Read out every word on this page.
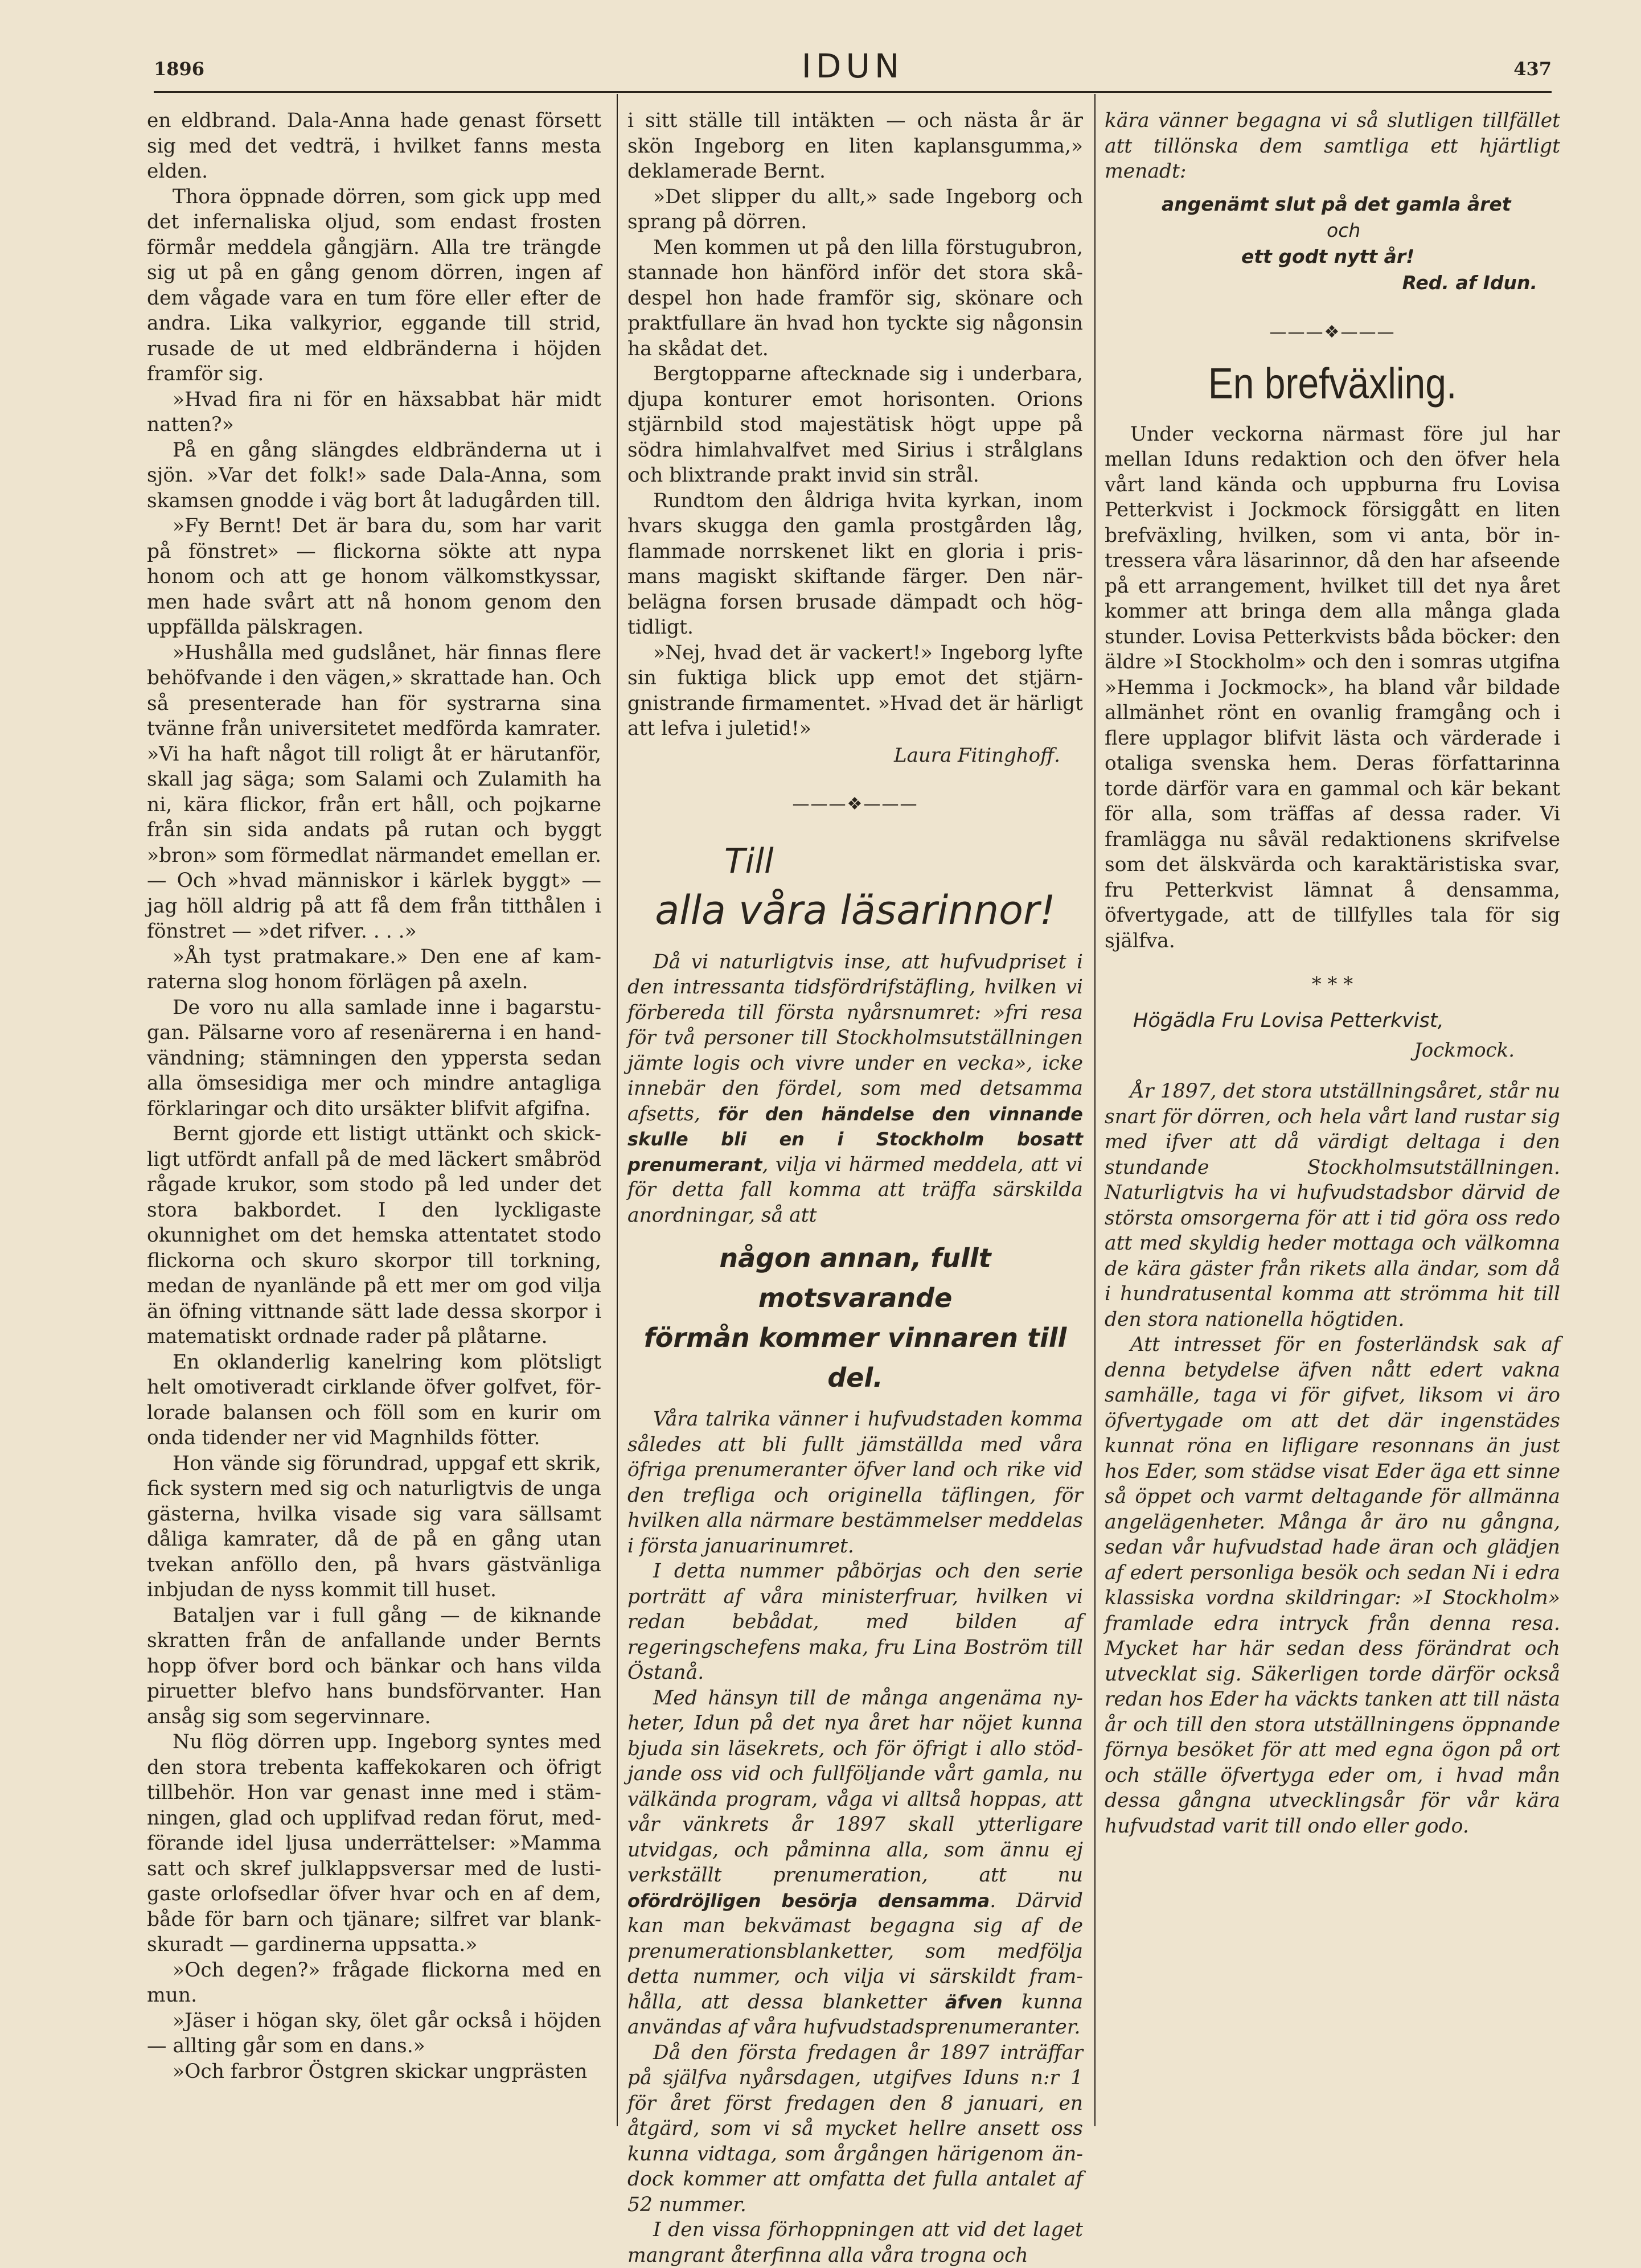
1896	IDUN	437

en eldbrand. Dala-Anna hade genast försett sig med det vedträ, i hvilket fanns mesta elden.

Thora öppnade dörren, som gick upp med det infernaliska oljud, som endast frosten förmår meddela gångjärn. Alla tre trängde sig ut på en gång genom dörren, ingen af dem vågade vara en tum före eller efter de andra. Lika valkyrior, eggande till strid, rusade de ut med eldbränderna i höjden framför sig.

»Hvad fira ni för en häxsabbat här midt natten?»

På en gång slängdes eldbränderna ut i sjön. »Var det folk!» sade Dala-Anna, som skamsen gnodde i väg bort åt ladugården till.

»Fy Bernt! Det är bara du, som har varit på fönstret» — flickorna sökte att nypa honom och att ge honom välkomstkyssar, men hade svårt att nå honom genom den uppfällda pälskragen.

»Hushålla med gudslånet, här finnas flere behöfvande i den vägen,» skrattade han. Och så presenterade han för systrarna sina tvänne från universitetet medförda kamrater. »Vi ha haft något till roligt åt er härutanför, skall jag säga; som Salami och Zulamith ha ni, kära flickor, från ert håll, och pojkarne från sin sida andats på rutan och byggt »bron» som förmedlat närmandet emellan er. — Och »hvad människor i kärlek byggt» — jag höll aldrig på att få dem från titthålen i fönstret — »det rifver. . . .»

»Åh tyst pratmakare.» Den ene af kamraterna slog honom förlägen på axeln.

De voro nu alla samlade inne i bagarstugan. Pälsarne voro af resenärerna i en handvändning; stämningen den yppersta sedan alla ömsesidiga mer och mindre antagliga förklaringar och dito ursäkter blifvit afgifna.

Bernt gjorde ett listigt uttänkt och skickligt utfördt anfall på de med läckert småbröd rågade krukor, som stodo på led under det stora bakbordet. I den lyckligaste okunnighet om det hemska attentatet stodo flickorna och skuro skorpor till torkning, medan de nyanlände på ett mer om god vilja än öfning vittnande sätt lade dessa skorpor i matematiskt ordnade rader på plåtarne.

En oklanderlig kanelring kom plötsligt helt omotiveradt cirklande öfver golfvet, förlorade balansen och föll som en kurir om onda tidender ner vid Magnhilds fötter.

Hon vände sig förundrad, uppgaf ett skrik, fick systern med sig och naturligtvis de unga gästerna, hvilka visade sig vara sällsamt dåliga kamrater, då de på en gång utan tvekan anföllo den, på hvars gästvänliga inbjudan de nyss kommit till huset.

Bataljen var i full gång — de kiknande skratten från de anfallande under Bernts hopp öfver bord och bänkar och hans vilda piruetter blefvo hans bundsförvanter. Han ansåg sig som segervinnare.

Nu flög dörren upp. Ingeborg syntes med den stora trebenta kaffekokaren och öfrigt tillbehör. Hon var genast inne med i stämningen, glad och upplifvad redan förut, medförande idel ljusa underrättelser: »Mamma satt och skref julklappsversar med de lustigaste orlofsedlar öfver hvar och en af dem, både för barn och tjänare; silfret var blankskuradt — gardinerna uppsatta.»

»Och degen?» frågade flickorna med en mun.

»Jäser i högan sky, ölet går också i höjden — allting går som en dans.»

»Och farbror Östgren skickar ungprästen

i sitt ställe till intäkten — och nästa år är skön Ingeborg en liten kaplansgumma,» deklamerade Bernt.

»Det slipper du allt,» sade Ingeborg och sprang på dörren.

Men kommen ut på den lilla förstugubron, stannade hon hänförd inför det stora skådespel hon hade framför sig, skönare och praktfullare än hvad hon tyckte sig någonsin ha skådat det.

Bergtopparne aftecknade sig i underbara, djupa konturer emot horisonten. Orions stjärnbild stod majestätisk högt uppe på södra himlahvalfvet med Sirius i strålglans och blixtrande prakt invid sin strål.

Rundtom den åldriga hvita kyrkan, inom hvars skugga den gamla prostgården låg, flammade norrskenet likt en gloria i prismans magiskt skiftande färger. Den närbelägna forsen brusade dämpadt och högtidligt.

»Nej, hvad det är vackert!» Ingeborg lyfte sin fuktiga blick upp emot det stjärngnistrande firmamentet. »Hvad det är härligt att lefva i juletid!»

Laura Fitinghoff.
———❖———
Till
alla våra läsarinnor!

Då vi naturligtvis inse, att hufvudpriset i den intressanta tidsfördrifstäfling, hvilken vi förbereda till första nyårsnumret: »fri resa för två personer till Stockholmsutställningen jämte logis och vivre under en vecka», icke innebär den fördel, som med detsamma afsetts, för den händelse den vinnande skulle bli en i Stockholm bosatt prenumerant, vilja vi härmed meddela, att vi för detta fall komma att träffa särskilda anordningar, så att

någon annan, fullt motsvarande
förmån kommer vinnaren till del.

Våra talrika vänner i hufvudstaden komma således att bli fullt jämställda med våra öfriga prenumeranter öfver land och rike vid den trefliga och originella täflingen, för hvilken alla närmare bestämmelser meddelas i första januarinumret.

I detta nummer påbörjas och den serie porträtt af våra ministerfruar, hvilken vi redan bebådat, med bilden af regeringschefens maka, fru Lina Boström till Östanå.

Med hänsyn till de många angenäma nyheter, Idun på det nya året har nöjet kunna bjuda sin läsekrets, och för öfrigt i allo stödjande oss vid och fullföljande vårt gamla, nu välkända program, våga vi alltså hoppas, att vår vänkrets år 1897 skall ytterligare utvidgas, och påminna alla, som ännu ej verkställt prenumeration, att nu ofördröjligen besörja densamma. Därvid kan man bekvämast begagna sig af de prenumerationsblanketter, som medfölja detta nummer, och vilja vi särskildt framhålla, att dessa blanketter äfven kunna användas af våra hufvudstadsprenumeranter.

Då den första fredagen år 1897 inträffar på själfva nyårsdagen, utgifves Iduns n:r 1 för året först fredagen den 8 januari, en åtgärd, som vi så mycket hellre ansett oss kunna vidtaga, som årgången härigenom ändock kommer att omfatta det fulla antalet af 52 nummer.

I den vissa förhoppningen att vid det laget mangrant återfinna alla våra trogna och

kära vänner begagna vi så slutligen tillfället att tillönska dem samtliga ett hjärtligt menadt:

angenämt slut på det gamla året
och
ett godt nytt år!
Red. af Idun.
———❖———
En brefväxling.

Under veckorna närmast före jul har mellan Iduns redaktion och den öfver hela vårt land kända och uppburna fru Lovisa Petterkvist i Jockmock försiggått en liten brefväxling, hvilken, som vi anta, bör intressera våra läsarinnor, då den har afseende på ett arrangement, hvilket till det nya året kommer att bringa dem alla många glada stunder. Lovisa Petterkvists båda böcker: den äldre »I Stockholm» och den i somras utgifna »Hemma i Jockmock», ha bland vår bildade allmänhet rönt en ovanlig framgång och i flere upplagor blifvit lästa och värderade i otaliga svenska hem. Deras författarinna torde därför vara en gammal och kär bekant för alla, som träffas af dessa rader. Vi framlägga nu såväl redaktionens skrifvelse som det älskvärda och karaktäristiska svar, fru Petterkvist lämnat å densamma, öfvertygade, att de tillfylles tala för sig själfva.

* * *
Högädla Fru Lovisa Petterkvist,
Jockmock.

År 1897, det stora utställningsåret, står nu snart för dörren, och hela vårt land rustar sig med ifver att då värdigt deltaga i den stundande Stockholmsutställningen. Naturligtvis ha vi hufvudstadsbor därvid de största omsorgerna för att i tid göra oss redo att med skyldig heder mottaga och välkomna de kära gäster från rikets alla ändar, som då i hundratusental komma att strömma hit till den stora nationella högtiden.

Att intresset för en fosterländsk sak af denna betydelse äfven nått edert vakna samhälle, taga vi för gifvet, liksom vi äro öfvertygade om att det där ingenstädes kunnat röna en lifligare resonnans än just hos Eder, som städse visat Eder äga ett sinne så öppet och varmt deltagande för allmänna angelägenheter. Många år äro nu gångna, sedan vår hufvudstad hade äran och glädjen af edert personliga besök och sedan Ni i edra klassiska vordna skildringar: »I Stockholm» framlade edra intryck från denna resa. Mycket har här sedan dess förändrat och utvecklat sig. Säkerligen torde därför också redan hos Eder ha väckts tanken att till nästa år och till den stora utställningens öppnande förnya besöket för att med egna ögon på ort och ställe öfvertyga eder om, i hvad mån dessa gångna utvecklingsår för vår kära hufvudstad varit till ondo eller godo.
